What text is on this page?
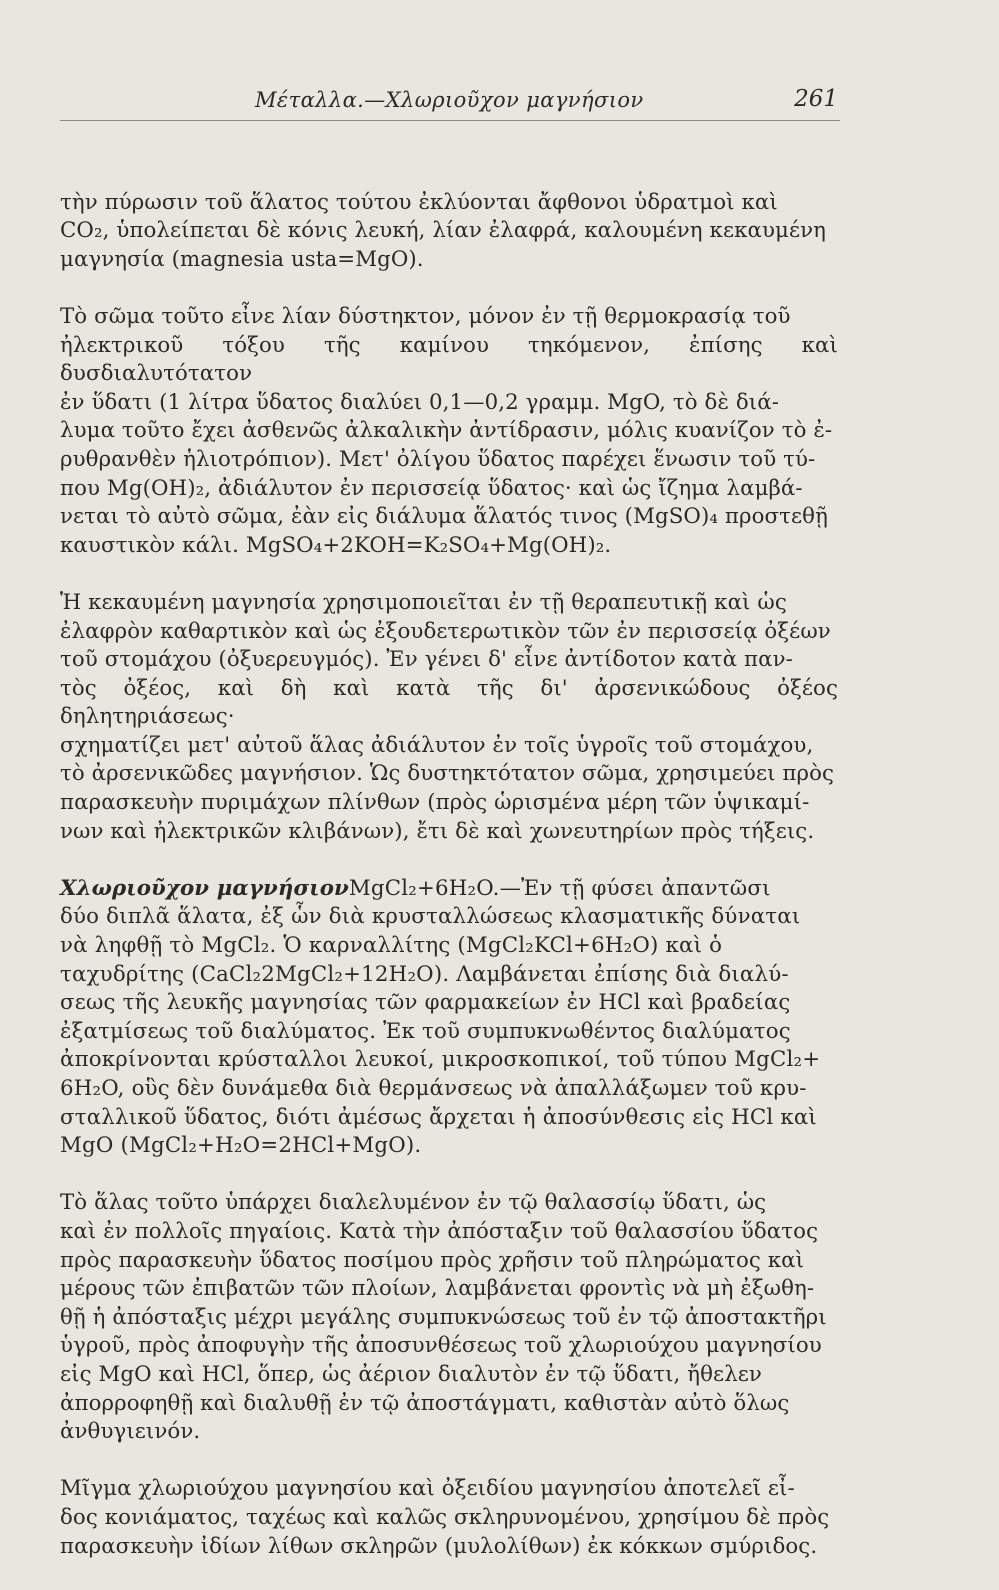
Μέταλλα.—Χλωριοῦχον μαγνήσιον	261

τὴν πύρωσιν τοῦ ἅλατος τούτου ἐκλύονται ἄφθονοι ὑδρατμοὶ καὶ
CO₂, ὑπολείπεται δὲ κόνις λευκή, λίαν ἐλαφρά, καλουμένη κεκαυμένη
μαγνησία (magnesia usta=MgO).

Τὸ σῶμα τοῦτο εἶνε λίαν δύστηκτον, μόνον ἐν τῇ θερμοκρασίᾳ τοῦ
ἠλεκτρικοῦ τόξου τῆς καμίνου τηκόμενον, ἐπίσης καὶ δυσδιαλυτότατον
ἐν ὕδατι (1 λίτρα ὕδατος διαλύει 0,1—0,2 γραμμ. MgO, τὸ δὲ διά-
λυμα τοῦτο ἔχει ἀσθενῶς ἀλκαλικὴν ἀντίδρασιν, μόλις κυανίζον τὸ ἐ-
ρυθρανθὲν ἡλιοτρόπιον). Μετ' ὀλίγου ὕδατος παρέχει ἕνωσιν τοῦ τύ-
που Mg(OH)₂, ἀδιάλυτον ἐν περισσείᾳ ὕδατος· καὶ ὡς ἴζημα λαμβά-
νεται τὸ αὐτὸ σῶμα, ἐὰν εἰς διάλυμα ἅλατός τινος (MgSO)₄ προστεθῇ
καυστικὸν κάλι. MgSO₄+2KOH=K₂SO₄+Mg(OH)₂.

Ἡ κεκαυμένη μαγνησία χρησιμοποιεῖται ἐν τῇ θεραπευτικῇ καὶ ὡς
ἐλαφρὸν καθαρτικὸν καὶ ὡς ἐξουδετερωτικὸν τῶν ἐν περισσείᾳ ὀξέων
τοῦ στομάχου (ὀξυερευγμός). Ἐν γένει δ' εἶνε ἀντίδοτον κατὰ παν-
τὸς ὀξέος, καὶ δὴ καὶ κατὰ τῆς δι' ἀρσενικώδους ὀξέος δηλητηριάσεως·
σχηματίζει μετ' αὐτοῦ ἅλας ἀδιάλυτον ἐν τοῖς ὑγροῖς τοῦ στομάχου,
τὸ ἀρσενικῶδες μαγνήσιον. Ὡς δυστηκτότατον σῶμα, χρησιμεύει πρὸς
παρασκευὴν πυριμάχων πλίνθων (πρὸς ὡρισμένα μέρη τῶν ὑψικαμί-
νων καὶ ἠλεκτρικῶν κλιβάνων), ἔτι δὲ καὶ χωνευτηρίων πρὸς τήξεις.

Χλωριοῦχον μαγνήσιονMgCl₂+6H₂O.—Ἐν τῇ φύσει ἀπαντῶσι
δύο διπλᾶ ἅλατα, ἐξ ὧν διὰ κρυσταλλώσεως κλασματικῆς δύναται
νὰ ληφθῇ τὸ MgCl₂. Ὁ καρναλλίτης (MgCl₂KCl+6H₂O) καὶ ὁ
ταχυδρίτης (CaCl₂2MgCl₂+12H₂O). Λαμβάνεται ἐπίσης διὰ διαλύ-
σεως τῆς λευκῆς μαγνησίας τῶν φαρμακείων ἐν HCl καὶ βραδείας
ἐξατμίσεως τοῦ διαλύματος. Ἐκ τοῦ συμπυκνωθέντος διαλύματος
ἀποκρίνονται κρύσταλλοι λευκοί, μικροσκοπικοί, τοῦ τύπου MgCl₂+
6H₂O, οὓς δὲν δυνάμεθα διὰ θερμάνσεως νὰ ἀπαλλάξωμεν τοῦ κρυ-
σταλλικοῦ ὕδατος, διότι ἀμέσως ἄρχεται ἡ ἀποσύνθεσις εἰς HCl καὶ
MgO (MgCl₂+H₂O=2HCl+MgO).

Τὸ ἅλας τοῦτο ὑπάρχει διαλελυμένον ἐν τῷ θαλασσίῳ ὕδατι, ὡς
καὶ ἐν πολλοῖς πηγαίοις. Κατὰ τὴν ἀπόσταξιν τοῦ θαλασσίου ὕδατος
πρὸς παρασκευὴν ὕδατος ποσίμου πρὸς χρῆσιν τοῦ πληρώματος καὶ
μέρους τῶν ἐπιβατῶν τῶν πλοίων, λαμβάνεται φροντὶς νὰ μὴ ἐξωθη-
θῇ ἡ ἀπόσταξις μέχρι μεγάλης συμπυκνώσεως τοῦ ἐν τῷ ἀποστακτῆρι
ὑγροῦ, πρὸς ἀποφυγὴν τῆς ἀποσυνθέσεως τοῦ χλωριούχου μαγνησίου
εἰς MgO καὶ HCl, ὅπερ, ὡς ἀέριον διαλυτὸν ἐν τῷ ὕδατι, ἤθελεν
ἀπορροφηθῇ καὶ διαλυθῇ ἐν τῷ ἀποστάγματι, καθιστὰν αὐτὸ ὅλως
ἀνθυγιεινόν.

Μῖγμα χλωριούχου μαγνησίου καὶ ὀξειδίου μαγνησίου ἀποτελεῖ εἶ-
δος κονιάματος, ταχέως καὶ καλῶς σκληρυνομένου, χρησίμου δὲ πρὸς
παρασκευὴν ἰδίων λίθων σκληρῶν (μυλολίθων) ἐκ κόκκων σμύριδος.
